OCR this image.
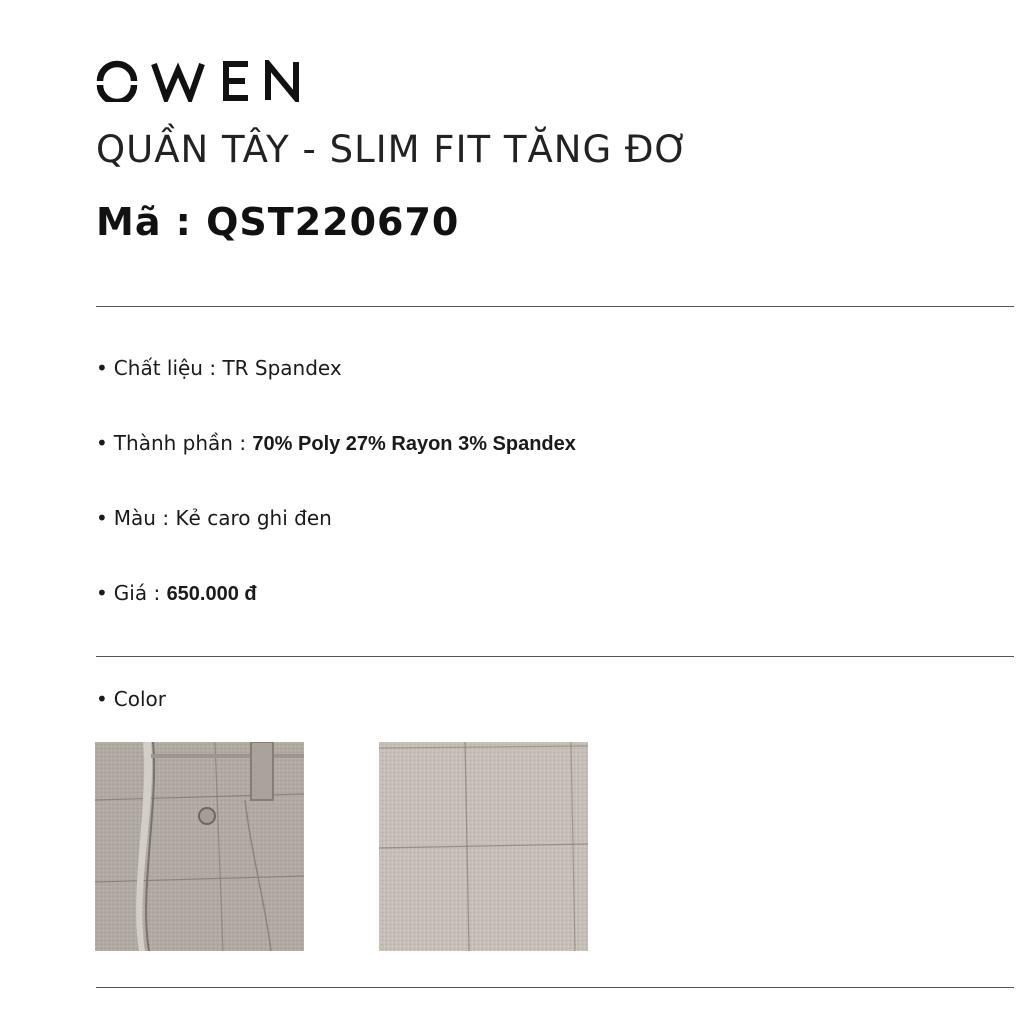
QUẦN TÂY - SLIM FIT TĂNG ĐƠ
Mã : QST220670
• Chất liệu : TR Spandex
• Thành phần : 70% Poly 27% Rayon 3% Spandex
• Màu : Kẻ caro ghi đen
• Giá : 650.000 đ
• Color
